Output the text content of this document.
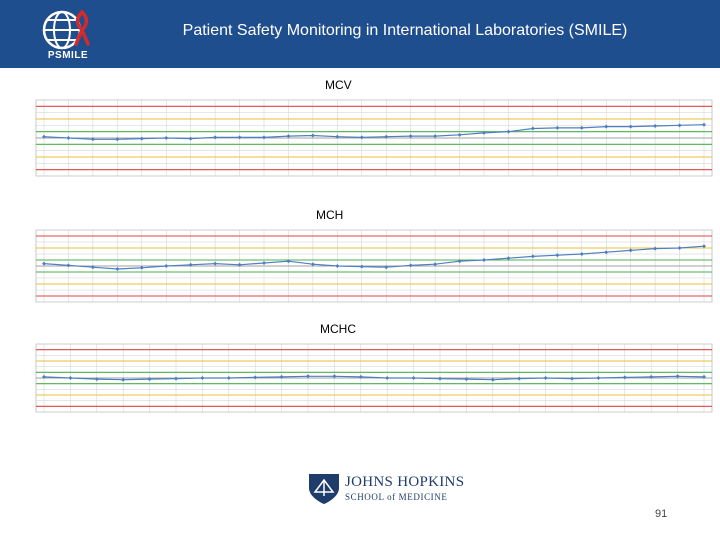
PSMILE
Patient Safety Monitoring in International Laboratories (SMILE)
MCV
MCH
MCHC
JOHNS HOPKINS
SCHOOL of MEDICINE
91
